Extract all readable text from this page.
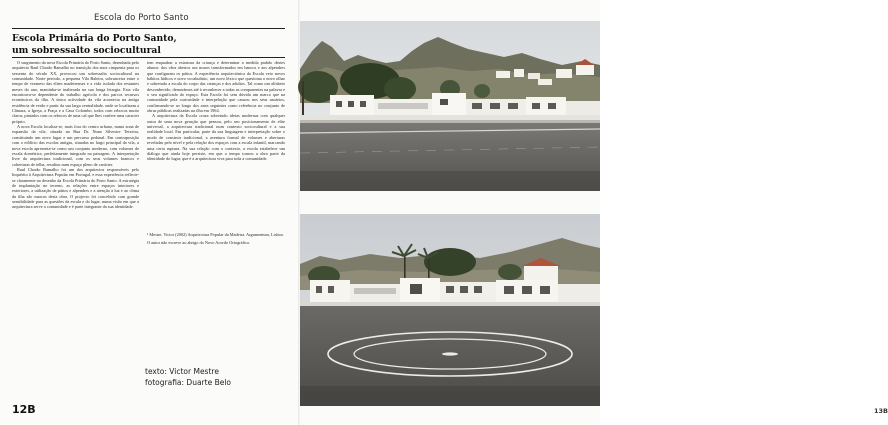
Escola do Porto Santo
Escola Primária do Porto Santo,
um sobressalto sociocultural

O surgimento da nova Escola Primária do Porto Santo, desenhada pelo arquitecto Raul Chorão Ramalho no transição dos anos cinquenta para os sessenta do século XX, provocou um sobressalto sociocultural na comunidade. Norte período, a pequena Vila Baleira, sobranceira entre o tempo de veraneio das elites madeirenses e a vida isolada dos restantes meses do ano, mantinha-se inalterada na sua longa letargia. Esta vila encontrava-se dependente do trabalho agrícola e dos parcos recursos económicos da ilha. A única actividade da vila acontecia na antiga residência de verão e partir da sua larga centralidade, onde se localizam a Câmara, a Igreja, a Praça e a Casa Colombo, todos com rebocos muito claros, pintados com os rebocos de uma cal que lhes confere uma caracter próprio.

A nova Escola localiza-se, mais fora do centro urbano, numa zona de expansão da vila, situada na Rua Dr. Nuno Silvestre Teixeira, constituindo um novo lugar e um percurso pedonal. Em contraposição com o edifício das escolas antigas, situadas no largo principal da vila, a nova escola apresenta-se como um conjunto moderno, com volumes de escala doméstica, perfeitamente integrado na paisagem. A interpretação livre da arquitectura tradicional, com os seus volumes brancos e coberturas de telha, resultou num espaço pleno de carácter.

Raul Chorão Ramalho foi um dos arquitectos responsáveis pelo Inquérito à Arquitectura Popular em Portugal, e essa experiência reflecte-se claramente no desenho da Escola Primária do Porto Santo. A estratégia de implantação no terreno, as relações entre espaços interiores e exteriores, a utilização de pátios e alpendres e a atenção à luz e ao clima da ilha são marcas desta obra. O projecto foi concebido com grande sensibilidade para as questões da escala e do lugar, numa visão em que a arquitectura serve a comunidade e é parte integrante da sua identidade.

tem enquadrar a estrutura da criança e determinar a medida padrão destes alunos: dos vãos abertos aos muros transformados em bancos e aos alpendres que configuram os pátios. A experiência arquitectónica da Escola veio novos hábitos lúdicos e novo vocabulário, um novo léxico que questiona o novo olhar e sobretudo a escala do corpo das crianças e dos adultos. Tal como um alfabeto desconhecido, demorámos até à reconhecer a todas as componentes na palavra e o seu significado do espaço. Esta Escola foi sem dúvida um marco que na comunidade pela curiosidade e interpelação que causou nos seus usuários, confirmando-se ao longo dos anos seguintes como referência no conjunto de obras públicas realizadas na ilha em 1964.

A arquitectura da Escola cruza sobretudo ideias modernas com qualquer outra de uma nova geração que pensou, pelo seu posicionamento de elite universal, a arquitectura tradicional num contexto sociocultural e a sua realidade local. Em particular, parte da sua linguagem e interpretação sobre o modo de construir tradicional, a aventura formal de volumes e aberturas reveladas pelo nível e pela relação dos espaços com a escala infantil, marcando uma certa ruptura. Na sua relação com o contexto, a escola estabelece um diálogo que ainda hoje persiste, em que o tempo tornou a obra parte da identidade do lugar, que é a arquitectura viva para toda a comunidade.

¹ Mestre, Victor (2002) Arquitectura Popular da Madeira. Argumentum, Lisboa.
O autor não escreve ao abrigo do Novo Acordo Ortográfico.
texto: Victor Mestre
fotografia: Duarte Belo
12B	13B
